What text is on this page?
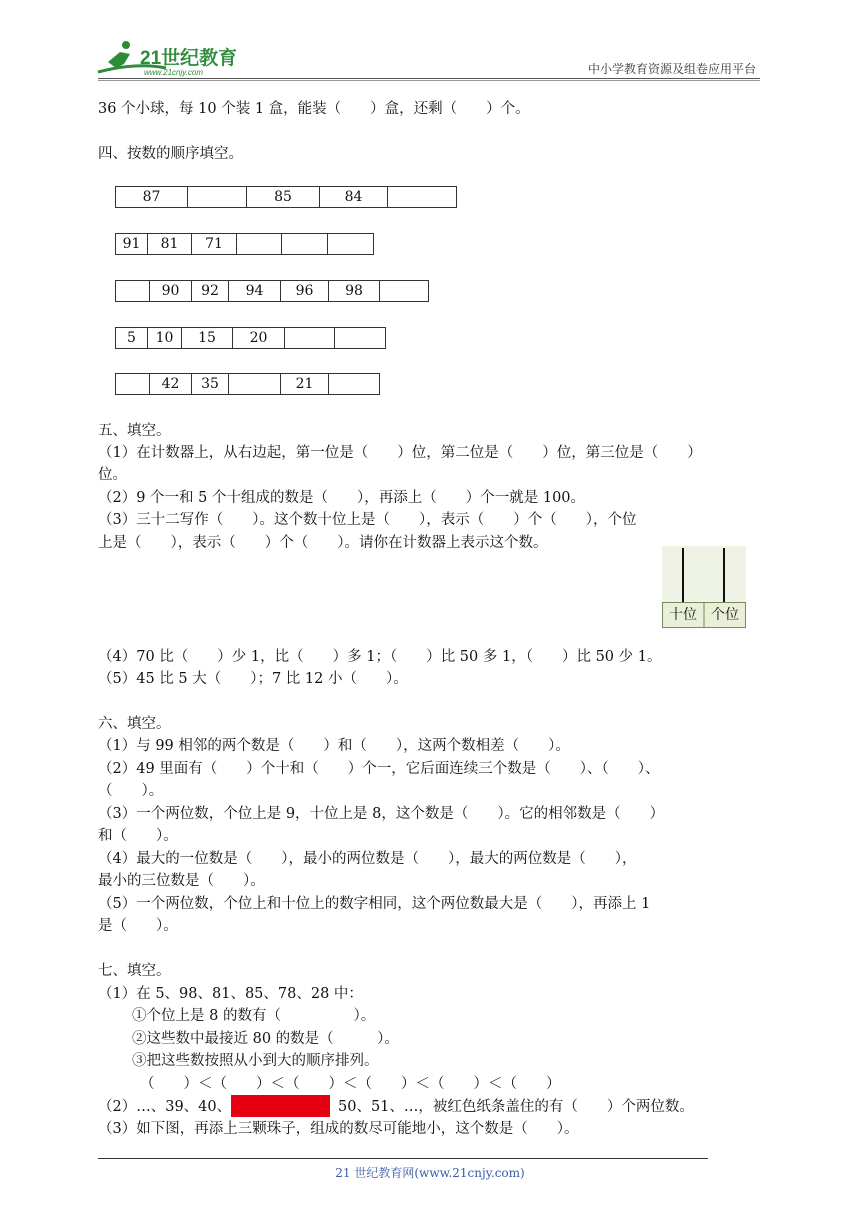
21世纪教育
www.21cnjy.com	中小学教育资源及组卷应用平台
36 个小球，每 10 个装 1 盒，能装（　　）盒，还剩（　　）个。
四、按数的顺序填空。
87		85	84	
91	81	71			
	90	92	94	96	98	
5	10	15	20		
	42	35		21	
五、填空。
（1）在计数器上，从右边起，第一位是（　　）位，第二位是（　　）位，第三位是（　　）
位。
（2）9 个一和 5 个十组成的数是（　　），再添上（　　）个一就是 100。
（3）三十二写作（　　）。这个数十位上是（　　），表示（　　）个（　　），个位
上是（　　），表示（　　）个（　　）。请你在计数器上表示这个数。
十位	个位
（4）70 比（　　）少 1，比（　　）多 1；（　　）比 50 多 1，（　　）比 50 少 1。
（5）45 比 5 大（　　）；7 比 12 小（　　）。
六、填空。
（1）与 99 相邻的两个数是（　　）和（　　），这两个数相差（　　）。
（2）49 里面有（　　）个十和（　　）个一，它后面连续三个数是（　　）、（　　）、
（　　）。
（3）一个两位数，个位上是 9，十位上是 8，这个数是（　　）。它的相邻数是（　　）
和（　　）。
（4）最大的一位数是（　　），最小的两位数是（　　），最大的两位数是（　　），
最小的三位数是（　　）。
（5）一个两位数，个位上和十位上的数字相同，这个两位数最大是（　　），再添上 1
是（　　）。
七、填空。
（1）在 5、98、81、85、78、28 中：
①个位上是 8 的数有（　　　　　）。
②这些数中最接近 80 的数是（　　　）。
③把这些数按照从小到大的顺序排列。
（　　）＜（　　）＜（　　）＜（　　）＜（　　）＜（　　）
（2）…、39、40、	50、51、…，被红色纸条盖住的有（　　）个两位数。
（3）如下图，再添上三颗珠子，组成的数尽可能地小，这个数是（　　）。
21 世纪教育网(www.21cnjy.com)
